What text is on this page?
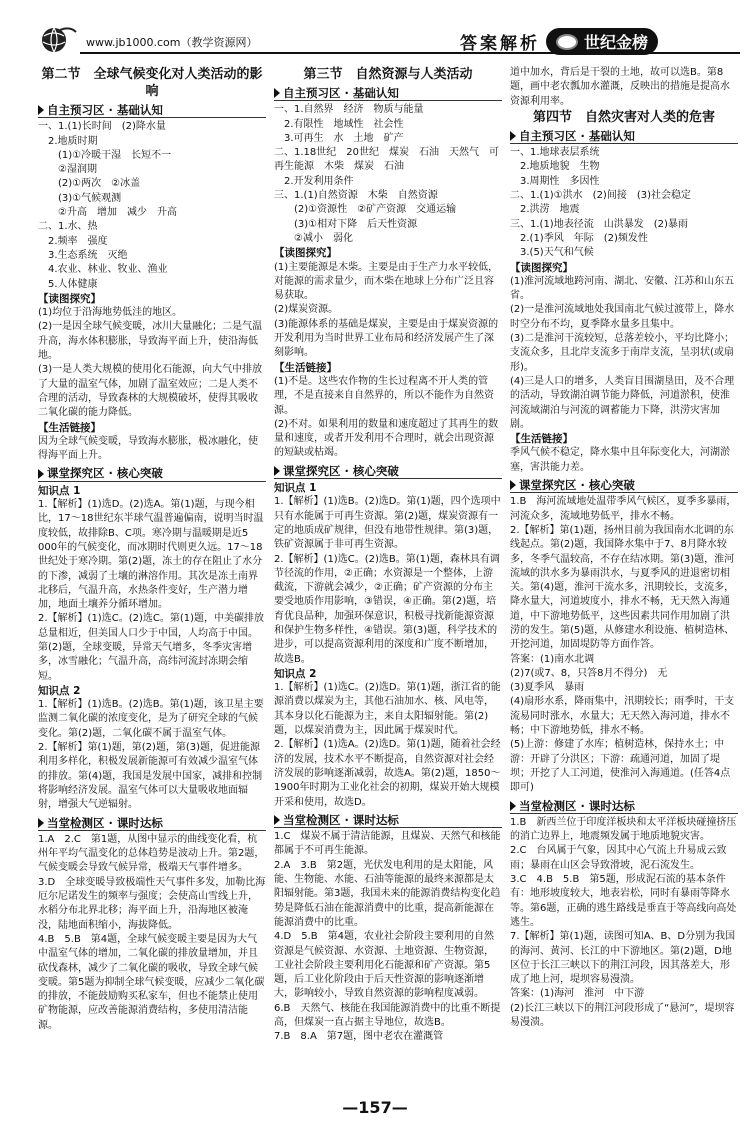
www.jb1000.com（教学资源网）	答案解析	世纪金榜
第二节　全球气候变化对人类活动的影响
自主预习区 · 基础认知

一、1.(1)长时间　(2)降水量

　2.地质时期

　　(1)①冷暖干湿　长短不一

　　②湿润期

　　(2)①两次　②冰盖

　　(3)①气候观测

　　②升高　增加　减少　升高

二、1.水、热

　2.频率　强度

　3.生态系统　灭绝

　4.农业、林业、牧业、渔业

　5.人体健康

【读图探究】

(1)均位于沿海地势低洼的地区。

(2)一是因全球气候变暖，冰川大量融化；二是气温升高，海水体积膨胀，导致海平面上升，使沿海低地。

(3)一是人类大规模的使用化石能源，向大气中排放了大量的温室气体，加剧了温室效应；二是人类不合理的活动，导致森林的大规模破坏，使得其吸收二氧化碳的能力降低。

【生活链接】

因为全球气候变暖，导致海水膨胀，极冰融化，使得海平面上升。

课堂探究区 · 核心突破

知识点 1

1.【解析】(1)选D。(2)选A。第(1)题，与现今相比，17～18世纪东半球气温普遍偏南，说明当时温度较低，故排除B、C项。寒冷期与温暖期是近5 000年的气候变化，而冰期时代则更久远。17～18世纪处于寒冷期。第(2)题，冻土的存在阻止了水分的下渗，减弱了土壤的淋溶作用。其次是冻土南界北移后，气温升高，水热条件变好，生产潜力增加，地面土壤养分循环增加。

2.【解析】(1)选C。(2)选C。第(1)题，中美碳排放总量相近，但美国人口少于中国，人均高于中国。第(2)题，全球变暖，异常天气增多，冬季灾害增多，冰雪融化；气温升高，高纬河流封冻期会缩短。

知识点 2

1.【解析】(1)选B。(2)选B。第(1)题，该卫星主要监测二氧化碳的浓度变化，是为了研究全球的气候变化。第(2)题，二氧化碳不属于温室气体。

2.【解析】第(1)题，第(2)题，第(3)题，促进能源利用多样化，积极发展新能源可有效减少温室气体的排放。第(4)题，我国是发展中国家，减排和控制将影响经济发展。温室气体可以大量吸收地面辐射，增强大气逆辐射。

当堂检测区 · 课时达标

1.A　2.C　第1题，从图中显示的曲线变化看，杭州年平均气温变化的总体趋势是波动上升。第2题，气候变暖会导致气候异常，极端天气事件增多。

3.D　全球变暖导致极端性天气事件多发，加勒比海厄尔尼诺发生的频率与强度；会使高山雪线上升，水稻分布北界北移；海平面上升，沿海地区被淹没，陆地面积缩小，海拔降低。

4.B　5.B　第4题，全球气候变暖主要是因为大气中温室气体的增加，二氧化碳的排放量增加，并且砍伐森林，减少了二氧化碳的吸收，导致全球气候变暖。第5题为抑制全球气候变暖，应减少二氧化碳的排放，不能鼓励购买私家车，但也不能禁止使用矿物能源，应改善能源消费结构，多使用清洁能源。

第三节　自然资源与人类活动
自主预习区 · 基础认知

一、1.自然界　经济　物质与能量

　2.有限性　地域性　社会性

　3.可再生　水　土地　矿产

二、1.18世纪　20世纪　煤炭　石油　天然气　可再生能源　木柴　煤炭　石油

　2.开发利用条件

三、1.(1)自然资源　木柴　自然资源

　　(2)①资源性　②矿产资源　交通运输

　　(3)①相对下降　后天性资源

　　②减小　弱化

【读图探究】

(1)主要能源是木柴。主要是由于生产力水平较低，对能源的需求量少，而木柴在地球上分布广泛且容易获取。

(2)煤炭资源。

(3)能源体系的基础是煤炭，主要是由于煤炭资源的开发利用为当时世界工业布局和经济发展产生了深刻影响。

【生活链接】

(1)不是。这些农作物的生长过程离不开人类的管理，不是直接来自自然界的，所以不能作为自然资源。

(2)不对。如果利用的数量和速度超过了其再生的数量和速度，或者开发利用不合理时，就会出现资源的短缺或枯竭。

课堂探究区 · 核心突破

知识点 1

1.【解析】(1)选B。(2)选D。第(1)题，四个选项中只有水能属于可再生资源。第(2)题，煤炭资源有一定的地质成矿规律，但没有地带性规律。第(3)题，铁矿资源属于非可再生资源。

2.【解析】(1)选C。(2)选B。第(1)题，森林具有调节径流的作用，②正确；水资源是一个整体，上游截流，下游就会减少，②正确；矿产资源的分布主要受地质作用影响，③错误，④正确。第(2)题，培育优良品种，加强环保意识，积极寻找新能源资源和保护生物多样性，④错误。第(3)题，科学技术的进步，可以提高资源利用的深度和广度不断增加，故选B。

知识点 2

1.【解析】(1)选C。(2)选D。第(1)题，浙江省的能源消费以煤炭为主，其他石油加水、核、风电等，其本身以化石能源为主，来自太阳辐射能。第(2)题，以煤炭消费为主，因此属于煤炭时代。

2.【解析】(1)选A。(2)选D。第(1)题，随着社会经济的发展，技术水平不断提高，自然资源对社会经济发展的影响逐渐减弱，故选A。第(2)题，1850～1900年时期为工业化社会的初期，煤炭开始大规模开采和使用，故选D。

当堂检测区 · 课时达标

1.C　煤炭不属于清洁能源，且煤炭、天然气和核能都属于不可再生能源。

2.A　3.B　第2题，光伏发电利用的是太阳能，风能、生物能、水能、石油等能源的最终来源都是太阳辐射能。第3题，我国未来的能源消费结构变化趋势是降低石油在能源消费中的比重，提高新能源在能源消费中的比重。

4.D　5.B　第4题，农业社会阶段主要利用的自然资源是气候资源、水资源、土地资源、生物资源，工业社会阶段主要利用化石能源和矿产资源。第5题，后工业化阶段由于后天性资源的影响逐渐增大，影响较小，导致自然资源的影响程度减弱。

6.B　天然气、核能在我国能源消费中的比重不断提高，但煤炭一直占据主导地位，故选B。

7.B　8.A　第7题，图中老农在灌溉管

道中加水，背后是干裂的土地，故可以选B。第8题，画中老农瓢加水灌溉，反映出的措施是提高水资源利用率。

第四节　自然灾害对人类的危害
自主预习区 · 基础认知

一、1.地球表层系统

　2.地质地貌　生物

　3.周期性　多因性

二、1.(1)①洪水　(2)间接　(3)社会稳定

　2.洪涝　地震

三、1.(1)地表径流　山洪暴发　(2)暴雨

　2.(1)季风　年际　(2)频发性

　3.(5)天气和气候

【读图探究】

(1)淮河流域地跨河南、湖北、安徽、江苏和山东五省。

(2)一是淮河流域地处我国南北气候过渡带上，降水时空分布不均，夏季降水量多且集中。

(3)二是淮河干流较短，总落差较小，平均比降小；支流众多，且北岸支流多于南岸支流，呈羽状(或扇形)。

(4)三是人口的增多，人类盲目围湖垦田，及不合理的活动，导致湖泊调节能力降低，河道淤积，使淮河流域湖泊与河流的调蓄能力下降，洪涝灾害加剧。

【生活链接】

季风气候不稳定，降水集中且年际变化大，河湖淤塞，害洪能力差。

课堂探究区 · 核心突破

1.B　海河流域地处温带季风气候区，夏季多暴雨，河流众多，流域地势低平，排水不畅。

2.【解析】第(1)题，扬州目前为我国南水北调的东线起点。第(2)题，我国降水集中于7、8月降水较多，冬季气温较高，不存在结冰期。第(3)题，淮河流域的洪水多为暴雨洪水，与夏季风的进退密切相关。第(4)题，淮河干流水多，汛期较长，支流多，降水量大，河道坡度小，排水不畅，无天然入海通道，中下游地势低平，这些因素共同作用加剧了洪涝的发生。第(5)题，从修建水利设施、植树造林、开挖河道，加固堤防等方面作答。

答案：(1)南水北调

(2)7(或7、8，只答8月不得分)　无

(3)夏季风　暴雨

(4)扇形水系，降雨集中，汛期较长；雨季时，干支流易同时涨水，水量大；无天然入海河道，排水不畅；中下游地势低，排水不畅。

(5)上游：修建了水库；植树造林，保持水土；中游：开辟了分洪区；下游：疏通河道，加固了堤坝；开挖了人工河道，使淮河入海通道。(任答4点即可)

当堂检测区 · 课时达标

1.B　新西兰位于印度洋板块和太平洋板块碰撞挤压的消亡边界上，地震频发属于地质地貌灾害。

2.C　台风属于气象，因其中心气流上升易成云致雨；暴雨在山区会导致滑坡，泥石流发生。

3.C　4.B　5.B　第5题，形成泥石流的基本条件有：地形坡度较大，地表岩松，同时有暴雨等降水等。第6题，正确的逃生路线是垂直于等高线向高处逃生。

7.【解析】第(1)题，读图可知A、B、D分别为我国的海河、黄河、长江的中下游地区。第(2)题，D地区位于长江三峡以下的荆江河段，因其落差大，形成了地上河，堤坝容易漫溃。

答案：(1)海河　淮河　中下游

(2)长江三峡以下的荆江河段形成了“悬河”，堤坝容易漫溃。

—157—
